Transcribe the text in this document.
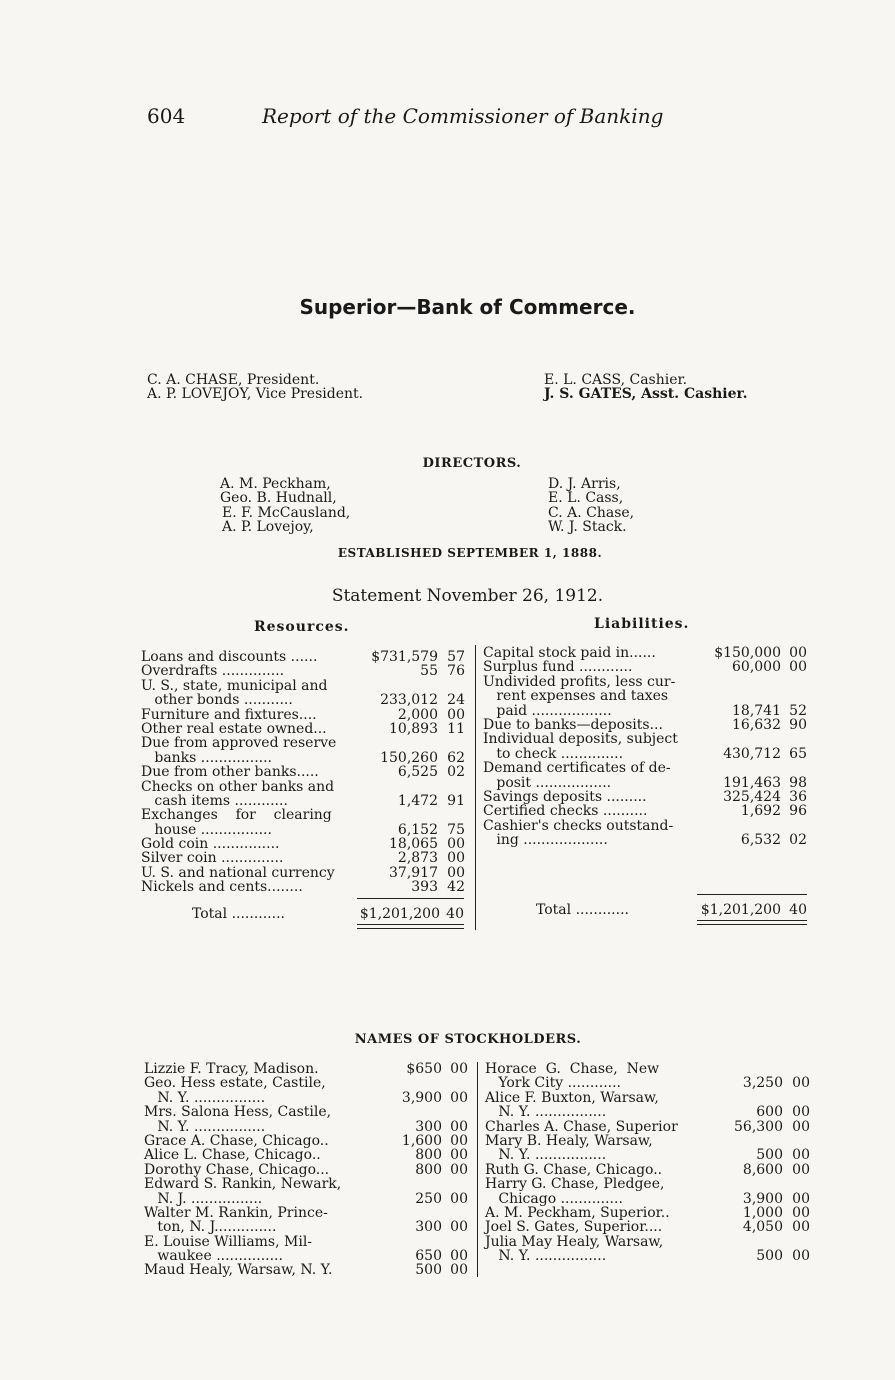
604	Report of the Commissioner of Banking
Superior—Bank of Commerce.
C. A. CHASE, President.
A. P. LOVEJOY, Vice President.
E. L. CASS, Cashier.
J. S. GATES, Asst. Cashier.
DIRECTORS.
A. M. Peckham,
Geo. B. Hudnall,
E. F. McCausland,
A. P. Lovejoy,
D. J. Arris,
E. L. Cass,
C. A. Chase,
W. J. Stack.
ESTABLISHED SEPTEMBER 1, 1888.
Statement November 26, 1912.
Resources.	Liabilities.
Loans and discounts ......	$731,579 57
Overdrafts ..............	55 76
U. S., state, municipal and
other bonds ...........	233,012 24
Furniture and fixtures....	2,000 00
Other real estate owned...	10,893 11
Due from approved reserve
banks ................	150,260 62
Due from other banks.....	6,525 02
Checks on other banks and
cash items ............	1,472 91
Exchanges    for    clearing
house ................	6,152 75
Gold coin ...............	18,065 00
Silver coin ..............	2,873 00
U. S. and national currency	37,917 00
Nickels and cents........	393 42
Capital stock paid in......	$150,000 00
Surplus fund ............	60,000 00
Undivided profits, less cur-
rent expenses and taxes
paid ..................	18,741 52
Due to banks—deposits...	16,632 90
Individual deposits, subject
to check ..............	430,712 65
Demand certificates of de-
posit .................	191,463 98
Savings deposits .........	325,424 36
Certified checks ..........	1,692 96
Cashier's checks outstand-
ing ...................	6,532 02
Total ............	$1,201,200 40	Total ............	$1,201,200 40
NAMES OF STOCKHOLDERS.
Lizzie F. Tracy, Madison.	$650 00
Geo. Hess estate, Castile,
N. Y. ................	3,900 00
Mrs. Salona Hess, Castile,
N. Y. ................	300 00
Grace A. Chase, Chicago..	1,600 00
Alice L. Chase, Chicago..	800 00
Dorothy Chase, Chicago...	800 00
Edward S. Rankin, Newark,
N. J. ................	250 00
Walter M. Rankin, Prince-
ton, N. J..............	300 00
E. Louise Williams, Mil-
waukee ...............	650 00
Maud Healy, Warsaw, N. Y.	500 00
Horace  G.  Chase,  New
York City ............	3,250 00
Alice F. Buxton, Warsaw,
N. Y. ................	600 00
Charles A. Chase, Superior	56,300 00
Mary B. Healy, Warsaw,
N. Y. ................	500 00
Ruth G. Chase, Chicago..	8,600 00
Harry G. Chase, Pledgee,
Chicago ..............	3,900 00
A. M. Peckham, Superior..	1,000 00
Joel S. Gates, Superior....	4,050 00
Julia May Healy, Warsaw,
N. Y. ................	500 00
